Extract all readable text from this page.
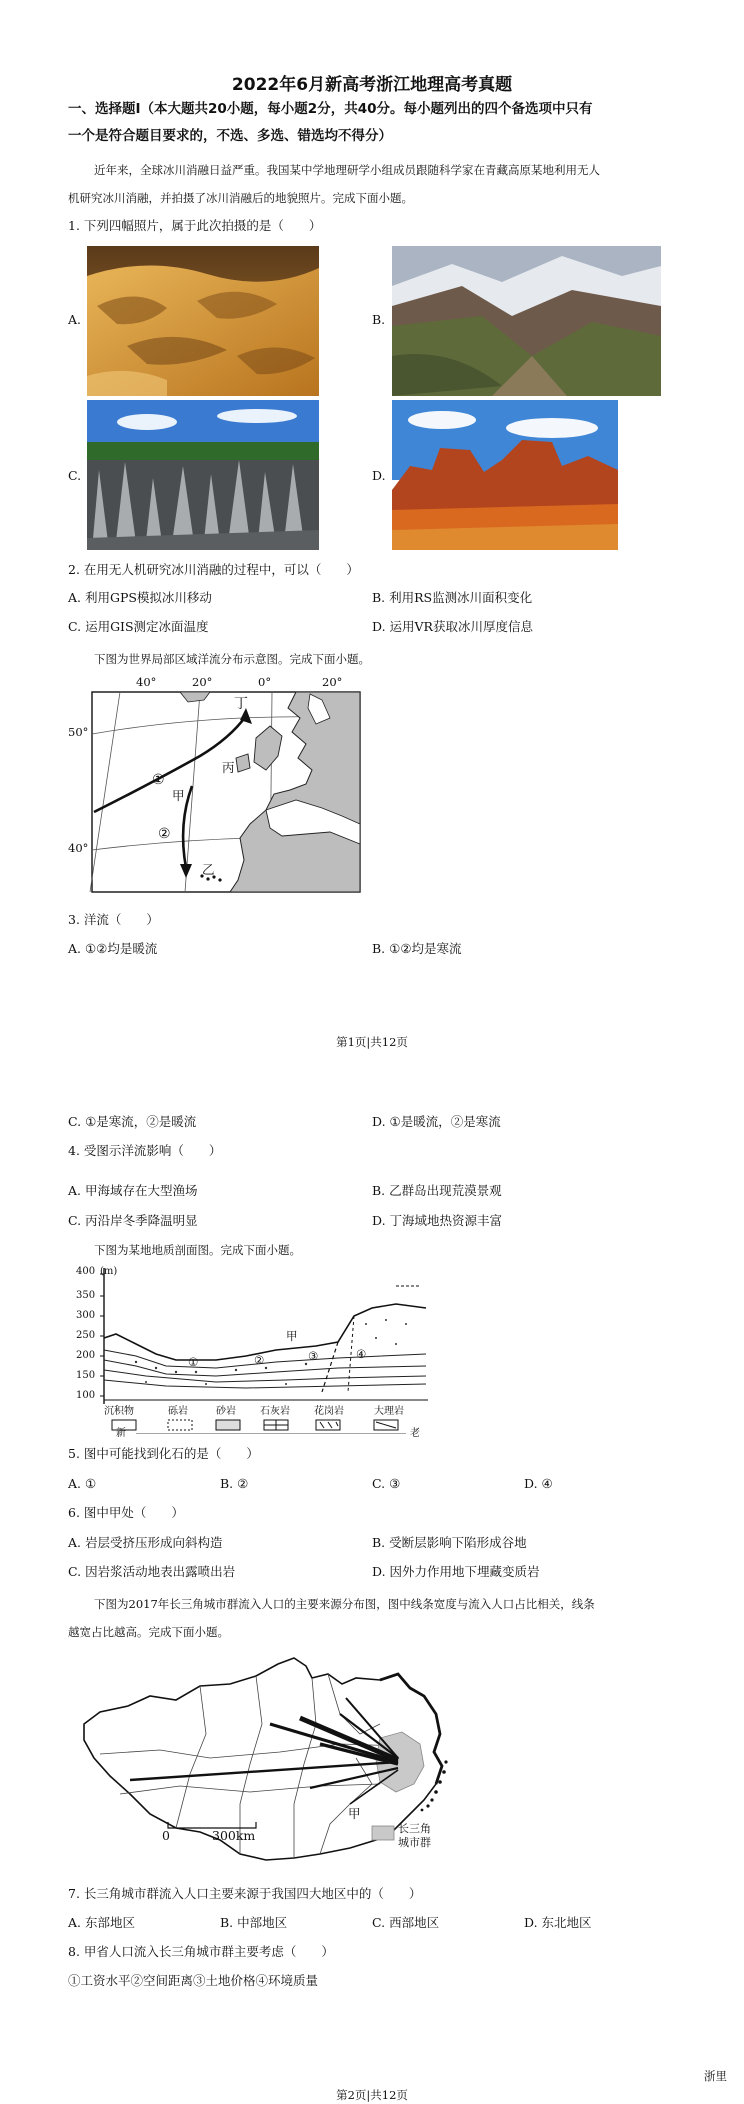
2022年6月新高考浙江地理高考真题
一、选择题Ⅰ（本大题共20小题，每小题2分，共40分。每小题列出的四个备选项中只有
一个是符合题目要求的，不选、多选、错选均不得分）
近年来，全球冰川消融日益严重。我国某中学地理研学小组成员跟随科学家在青藏高原某地利用无人
机研究冰川消融，并拍摄了冰川消融后的地貌照片。完成下面小题。
1. 下列四幅照片，属于此次拍摄的是（　　）
A.	B.
C.	D.
2. 在用无人机研究冰川消融的过程中，可以（　　）
A. 利用GPS模拟冰川移动	B. 利用RS监测冰川面积变化
C. 运用GIS测定冰面温度	D. 运用VR获取冰川厚度信息
下图为世界局部区域洋流分布示意图。完成下面小题。
40°	20°	0°	20°
50°
40°
丁
丙
甲
乙
①
②
3. 洋流（　　）
A. ①②均是暖流	B. ①②均是寒流
第1页|共12页
C. ①是寒流，②是暖流	D. ①是暖流，②是寒流
4. 受图示洋流影响（　　）
A. 甲海域存在大型渔场	B. 乙群岛出现荒漠景观
C. 丙沿岸冬季降温明显	D. 丁海域地热资源丰富
下图为某地地质剖面图。完成下面小题。
400 (m)
350
300
250
200
150
100
甲
①	②	③	④
沉积物	砾岩	砂岩 石灰岩 花岗岩	大理岩
新	老
5. 图中可能找到化石的是（　　）
A. ①	B. ②	C. ③	D. ④
6. 图中甲处（　　）
A. 岩层受挤压形成向斜构造	B. 受断层影响下陷形成谷地
C. 因岩浆活动地表出露喷出岩	D. 因外力作用地下埋藏变质岩
下图为2017年长三角城市群流入人口的主要来源分布图，图中线条宽度与流入人口占比相关，线条
越宽占比越高。完成下面小题。
0	300km
甲
长三角
城市群
7. 长三角城市群流入人口主要来源于我国四大地区中的（　　）
A. 东部地区	B. 中部地区	C. 西部地区	D. 东北地区
8. 甲省人口流入长三角城市群主要考虑（　　）
①工资水平②空间距离③土地价格④环境质量
浙里
第2页|共12页
